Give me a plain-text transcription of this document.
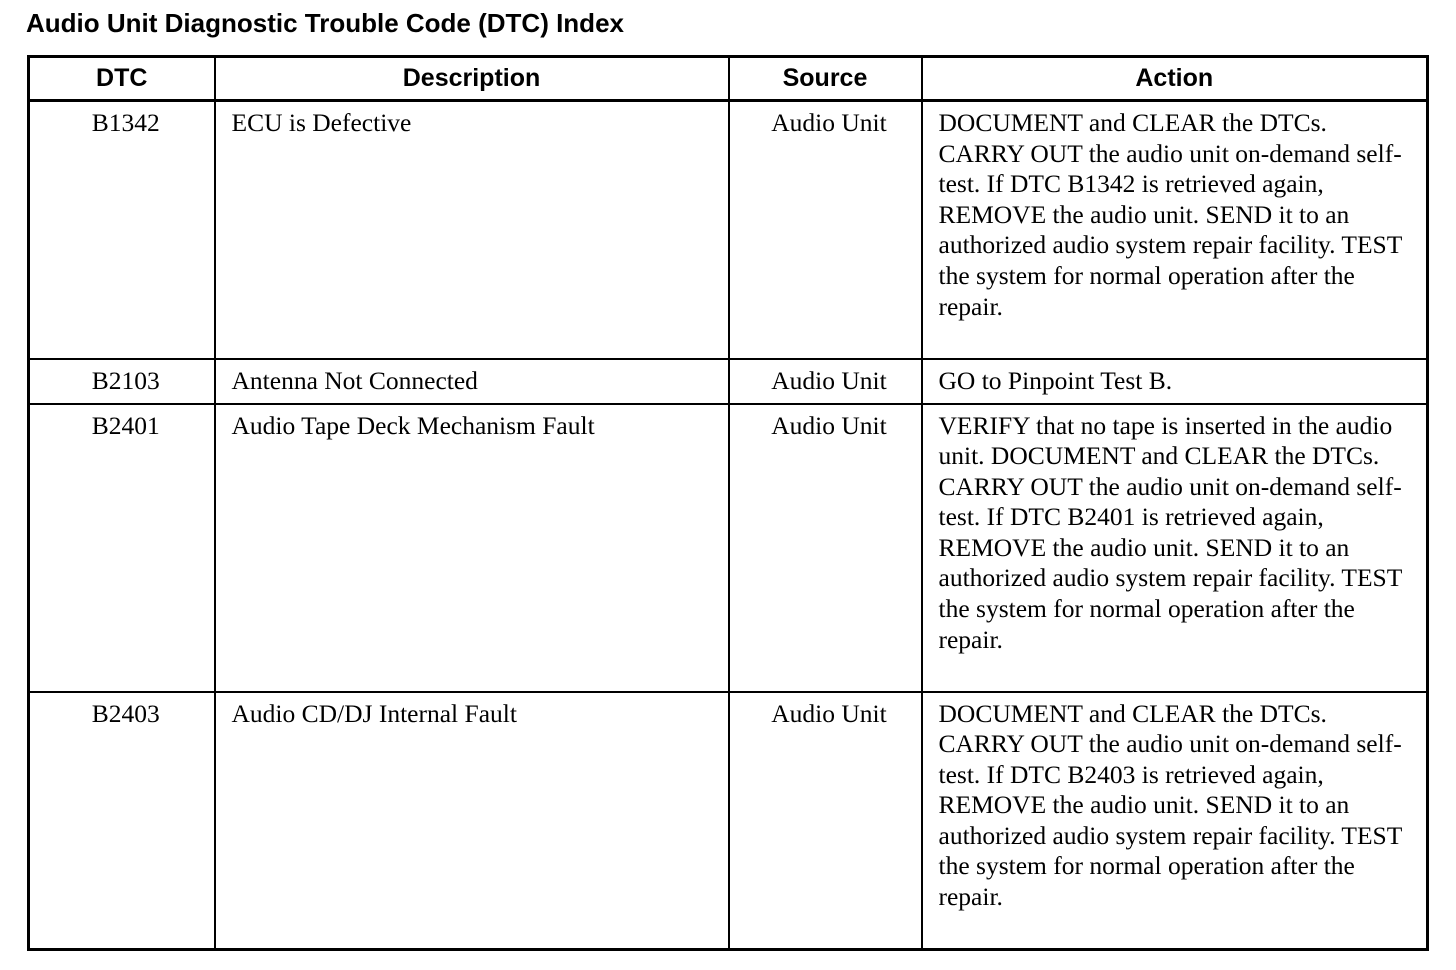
Audio Unit Diagnostic Trouble Code (DTC) Index
DTC	Description	Source	Action
B1342	ECU is Defective	Audio Unit	DOCUMENT and CLEAR the DTCs. CARRY OUT the audio unit on-demand self-test. If DTC B1342 is retrieved again, REMOVE the audio unit. SEND it to an authorized audio system repair facility. TEST the system for normal operation after the repair.
B2103	Antenna Not Connected	Audio Unit	GO to Pinpoint Test B.
B2401	Audio Tape Deck Mechanism Fault	Audio Unit	VERIFY that no tape is inserted in the audio unit. DOCUMENT and CLEAR the DTCs. CARRY OUT the audio unit on-demand self-test. If DTC B2401 is retrieved again, REMOVE the audio unit. SEND it to an authorized audio system repair facility. TEST the system for normal operation after the repair.
B2403	Audio CD/DJ Internal Fault	Audio Unit	DOCUMENT and CLEAR the DTCs. CARRY OUT the audio unit on-demand self-test. If DTC B2403 is retrieved again, REMOVE the audio unit. SEND it to an authorized audio system repair facility. TEST the system for normal operation after the repair.
